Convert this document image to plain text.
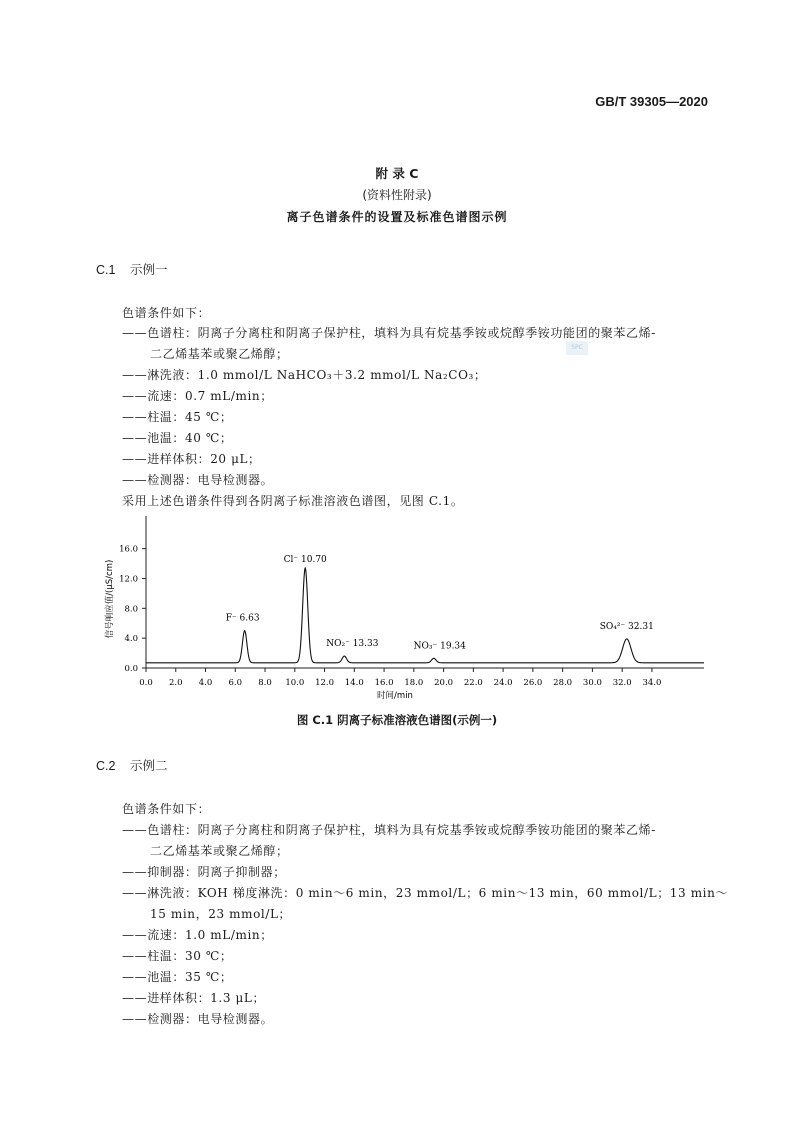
GB/T 39305—2020
附 录 C
(资料性附录)
离子色谱条件的设置及标准色谱图示例
C.1 示例一
色谱条件如下：
——色谱柱：阴离子分离柱和阴离子保护柱，填料为具有烷基季铵或烷醇季铵功能团的聚苯乙烯-
二乙烯基苯或聚乙烯醇；	SPC
——淋洗液：1.0 mmol/L NaHCO₃＋3.2 mmol/L Na₂CO₃；
——流速：0.7 mL/min；
——柱温：45 ℃；
——池温：40 ℃；
——进样体积：20 μL；
——检测器：电导检测器。
采用上述色谱条件得到各阴离子标准溶液色谱图，见图 C.1。
0.0
4.0
8.0
12.0
16.0
0.0 2.0 4.0 6.0 8.0 10.0 12.0 14.0 16.0 18.0 20.0 22.0 24.0 26.0 28.0 30.0 32.0 34.0
时间/min
信号响应值/(μS/cm)	F⁻ 6.63
Cl⁻ 10.70
NO₂⁻ 13.33	NO₃⁻ 19.34
SO₄²⁻ 32.31
图 C.1 阴离子标准溶液色谱图(示例一)
C.2 示例二
色谱条件如下：
——色谱柱：阴离子分离柱和阴离子保护柱，填料为具有烷基季铵或烷醇季铵功能团的聚苯乙烯-
二乙烯基苯或聚乙烯醇；
——抑制器：阴离子抑制器；
——淋洗液：KOH 梯度淋洗：0 min～6 min，23 mmol/L；6 min～13 min，60 mmol/L；13 min～
15 min，23 mmol/L；
——流速：1.0 mL/min；
——柱温：30 ℃；
——池温：35 ℃；
——进样体积：1.3 μL；
——检测器：电导检测器。
